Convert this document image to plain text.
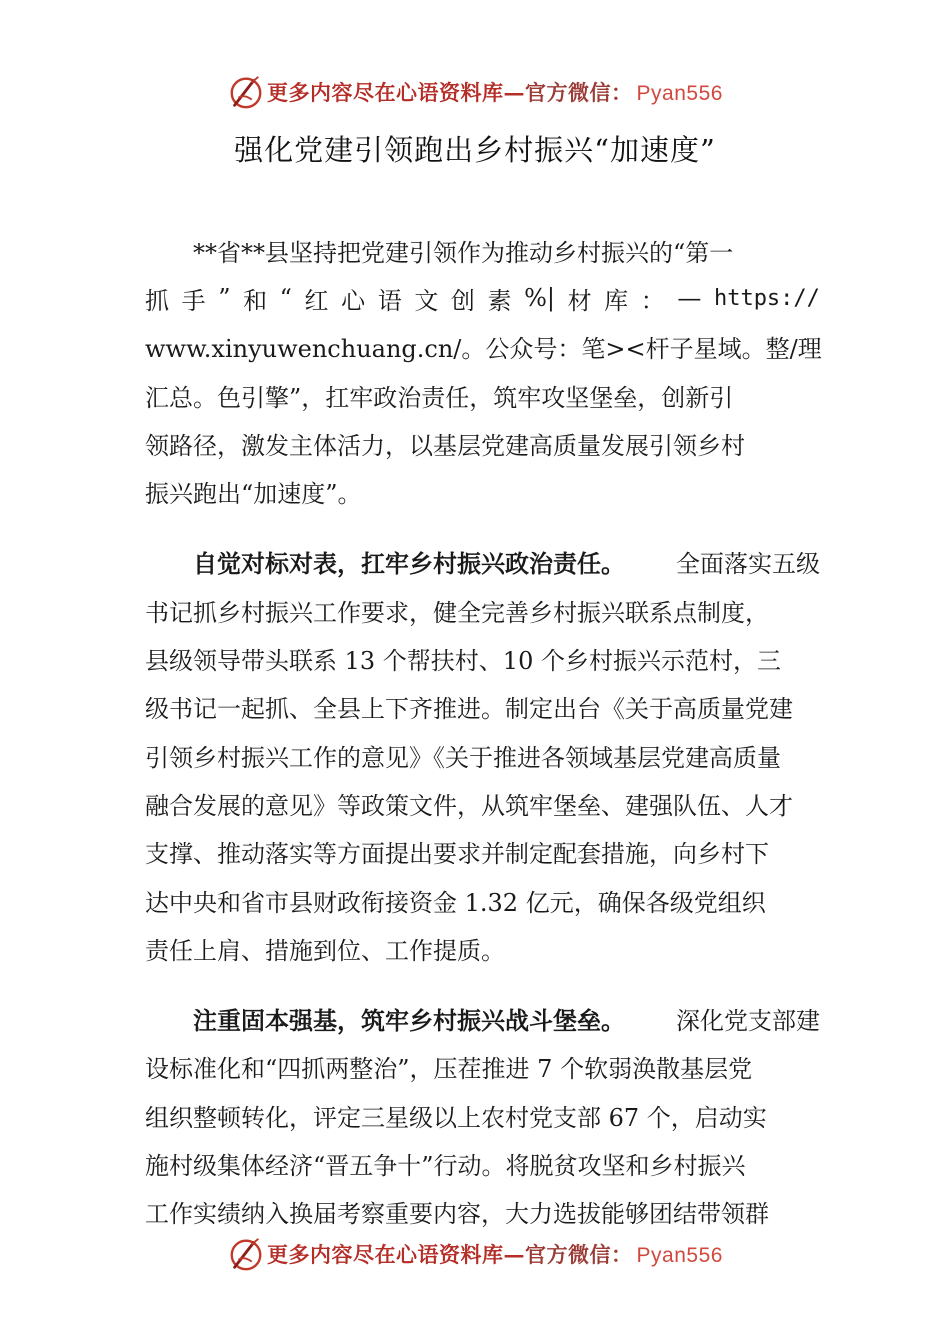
更多内容尽在心语资料库—官方微信： Pyan556
强化党建引领跑出乡村振兴“加速度”
**省**县坚持把党建引领作为推动乡村振兴的“第一
抓 手 ” 和 “ 红 心 语 文 创 素 %| 材 库 ： — https://
www.xinyuwenchuang.cn/。公众号：笔><杆子星域。整/理
汇总。色引擎”，扛牢政治责任，筑牢攻坚堡垒，创新引
领路径，激发主体活力，以基层党建高质量发展引领乡村
振兴跑出“加速度”。
自觉对标对表，扛牢乡村振兴政治责任。 全面落实五级
书记抓乡村振兴工作要求，健全完善乡村振兴联系点制度，
县级领导带头联系 13 个帮扶村、10 个乡村振兴示范村，三
级书记一起抓、全县上下齐推进。制定出台《关于高质量党建
引领乡村振兴工作的意见》《关于推进各领域基层党建高质量
融合发展的意见》等政策文件，从筑牢堡垒、建强队伍、人才
支撑、推动落实等方面提出要求并制定配套措施，向乡村下
达中央和省市县财政衔接资金 1.32 亿元，确保各级党组织
责任上肩、措施到位、工作提质。
注重固本强基，筑牢乡村振兴战斗堡垒。 深化党支部建
设标准化和“四抓两整治”，压茬推进 7 个软弱涣散基层党
组织整顿转化，评定三星级以上农村党支部 67 个，启动实
施村级集体经济“晋五争十”行动。将脱贫攻坚和乡村振兴
工作实绩纳入换届考察重要内容，大力选拔能够团结带领群
更多内容尽在心语资料库—官方微信： Pyan556
